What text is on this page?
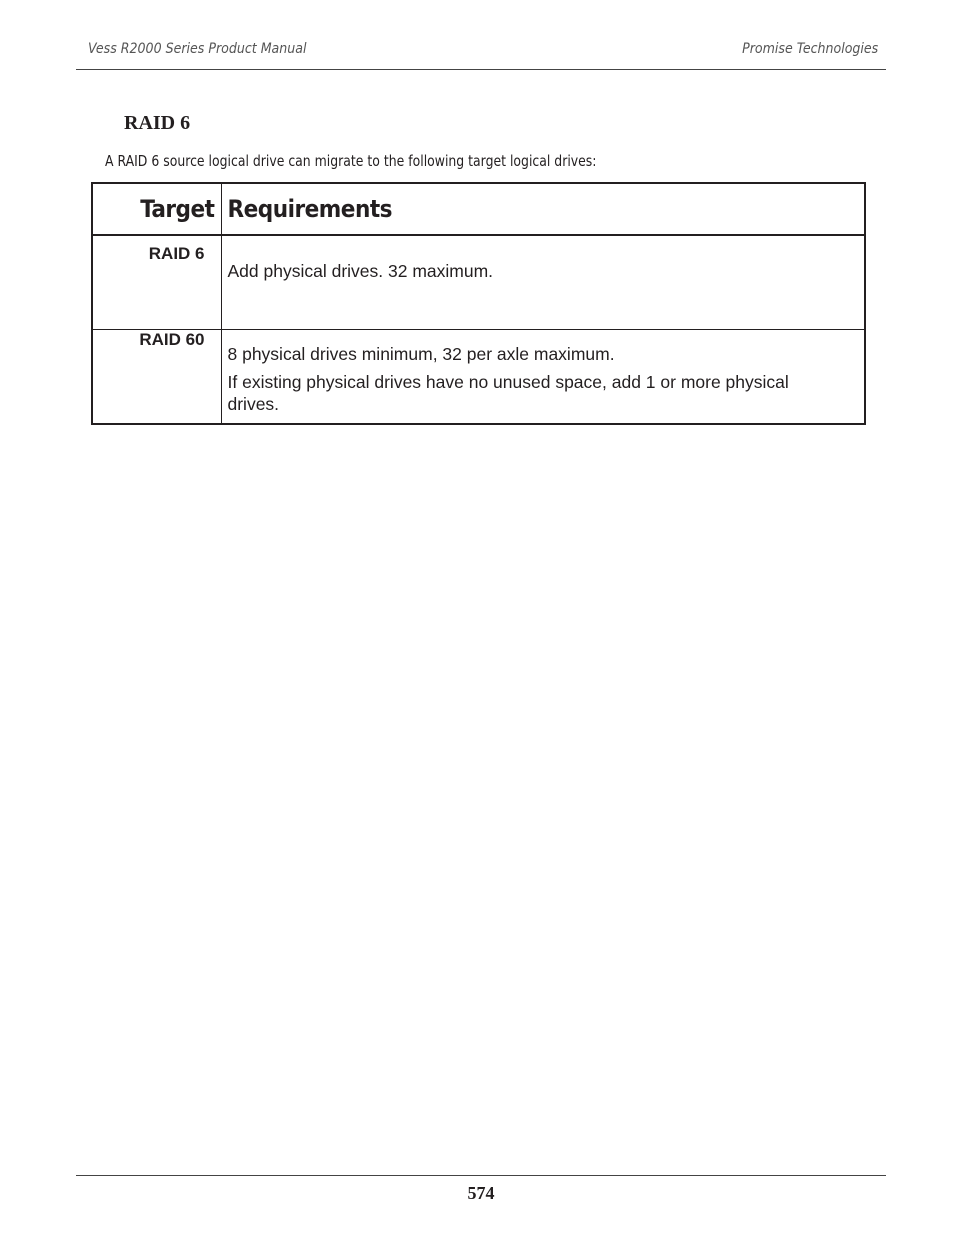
Vess R2000 Series Product Manual	Promise Technologies
RAID 6
A RAID 6 source logical drive can migrate to the following target logical drives:
Target	Requirements

RAID 6	Add physical drives. 32 maximum.

RAID 60	8 physical drives minimum, 32 per axle maximum.

If existing physical drives have no unused space, add 1 or more physical drives.

574
